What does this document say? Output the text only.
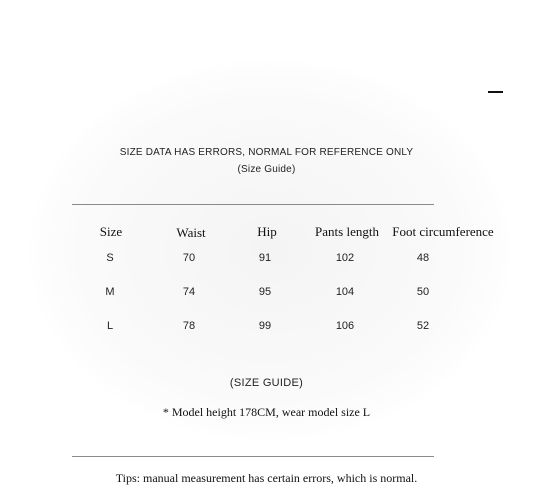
SIZE DATA HAS ERRORS, NORMAL FOR REFERENCE ONLY
(Size Guide)
Size	Waist	Hip	Pants length	Foot circumference
S	70	91	102	48
M	74	95	104	50
L	78	99	106	52
(SIZE GUIDE)
* Model height 178CM, wear model size L
Tips: manual measurement has certain errors, which is normal.
